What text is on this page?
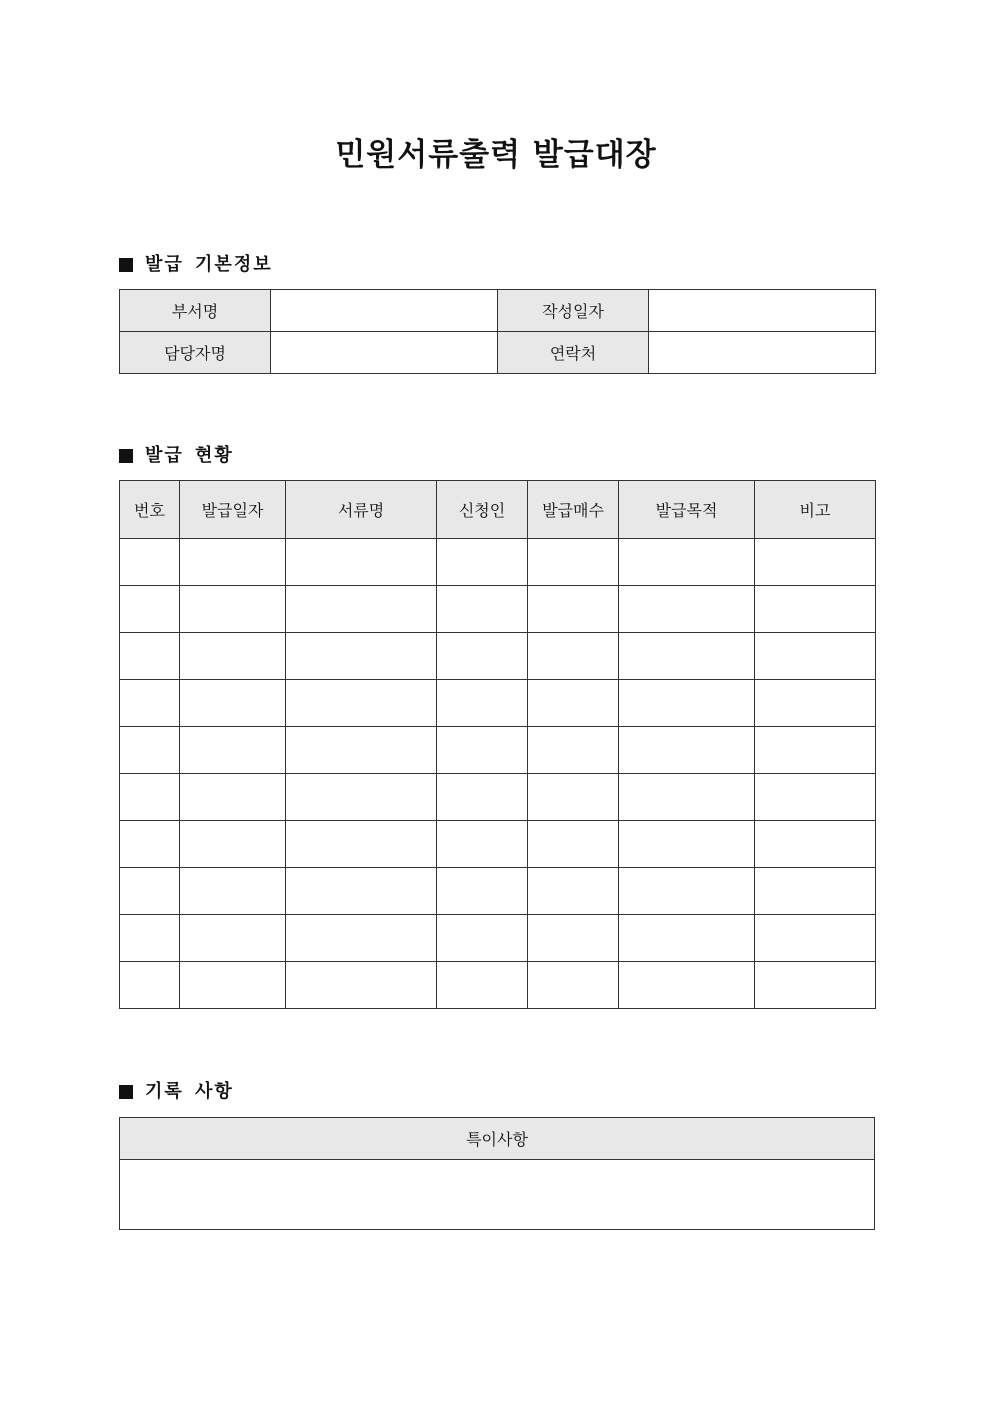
민원서류출력 발급대장
발급 기본정보
부서명		작성일자	
담당자명		연락처	
발급 현황
번호	발급일자	서류명	신청인	발급매수	발급목적	비고

기록 사항
특이사항
